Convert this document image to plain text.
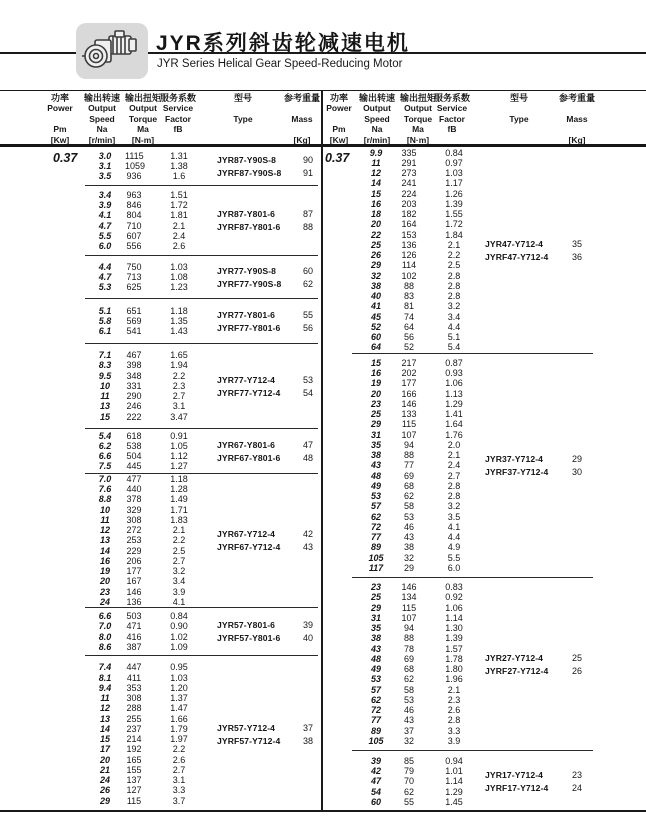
JYR系列斜齿轮减速电机
JYR Series Helical Gear Speed-Reducing Motor
功率
Power
Pm
[Kw]
输出转速
Output
Speed
Na
[r/min]
输出扭矩
Output
Torque
Ma
[N-m]
服务系数
Service
Factor
fB
型号
Type
参考重量
Mass
[Kg]
功率
Power
Pm
[Kw]
输出转速
Output
Speed
Na
[r/min]
输出扭矩
Output
Torque
Ma
[N·m]
服务系数
Service
Factor
fB
型号
Type
参考重量
Mass
[Kg]
0.37	3.0	1115	1.31
3.1	1059	1.38
3.5	936	1.6
JYR87-Y90S-8	90
JYRF87-Y90S-8 91
3.4	963	1.51
3.9	846	1.72
4.1	804	1.81
4.7	710	2.1
5.5	607	2.4
6.0	556	2.6
JYR87-Y801-6	87
JYRF87-Y801-6	88
4.4	750	1.03
4.7	713	1.08
5.3	625	1.23
JYR77-Y90S-8	60
JYRF77-Y90S-8 62
5.1	651	1.18
5.8	569	1.35
6.1	541	1.43
JYR77-Y801-6	55
JYRF77-Y801-6	56
7.1	467	1.65
8.3	398	1.94
9.5	348	2.2
10	331	2.3
11	290	2.7
13	246	3.1
15	222	3.47
JYR77-Y712-4	53
JYRF77-Y712-4	54
5.4	618	0.91
6.2	538	1.05
6.6	504	1.12
7.5	445	1.27
JYR67-Y801-6	47
JYRF67-Y801-6	48
7.0	477	1.18
7.6	440	1.28
8.8	378	1.49
10	329	1.71
11	308	1.83
12	272	2.1
13	253	2.2
14	229	2.5
16	206	2.7
19	177	3.2
20	167	3.4
23	146	3.9
24	136	4.1
JYR67-Y712-4	42
JYRF67-Y712-4	43
6.6	503	0.84
7.0	471	0.90
8.0	416	1.02
8.6	387	1.09
JYR57-Y801-6	39
JYRF57-Y801-6	40
7.4	447	0.95
8.1	411	1.03
9.4	353	1.20
11	308	1.37
12	288	1.47
13	255	1.66
14	237	1.79
15	214	1.97
17	192	2.2
20	165	2.6
21	155	2.7
24	137	3.1
26	127	3.3
29	115	3.7
JYR57-Y712-4	37
JYRF57-Y712-4	38
0.37	9.9	335	0.84
11	291	0.97
12	273	1.03
14	241	1.17
15	224	1.26
16	203	1.39
18	182	1.55
20	164	1.72
22	153	1.84
25	136	2.1
26	126	2.2
29	114	2.5
32	102	2.8
38	88	2.8
40	83	2.8
41	81	3.2
45	74	3.4
52	64	4.4
60	56	5.1
64	52	5.4
JYR47-Y712-4	35
JYRF47-Y712-4	36
15	217	0.87
16	202	0.93
19	177	1.06
20	166	1.13
23	146	1.29
25	133	1.41
29	115	1.64
31	107	1.76
35	94	2.0
38	88	2.1
43	77	2.4
48	69	2.7
49	68	2.8
53	62	2.8
57	58	3.2
62	53	3.5
72	46	4.1
77	43	4.4
89	38	4.9
105	32	5.5
117	29	6.0
JYR37-Y712-4	29
JYRF37-Y712-4	30
23	146	0.83
25	134	0.92
29	115	1.06
31	107	1.14
35	94	1.30
38	88	1.39
43	78	1.57
48	69	1.78
49	68	1.80
53	62	1.96
57	58	2.1
62	53	2.3
72	46	2.6
77	43	2.8
89	37	3.3
105	32	3.9
JYR27-Y712-4	25
JYRF27-Y712-4	26
39	85	0.94
42	79	1.01
47	70	1.14
54	62	1.29
60	55	1.45
JYR17-Y712-4	23
JYRF17-Y712-4	24
